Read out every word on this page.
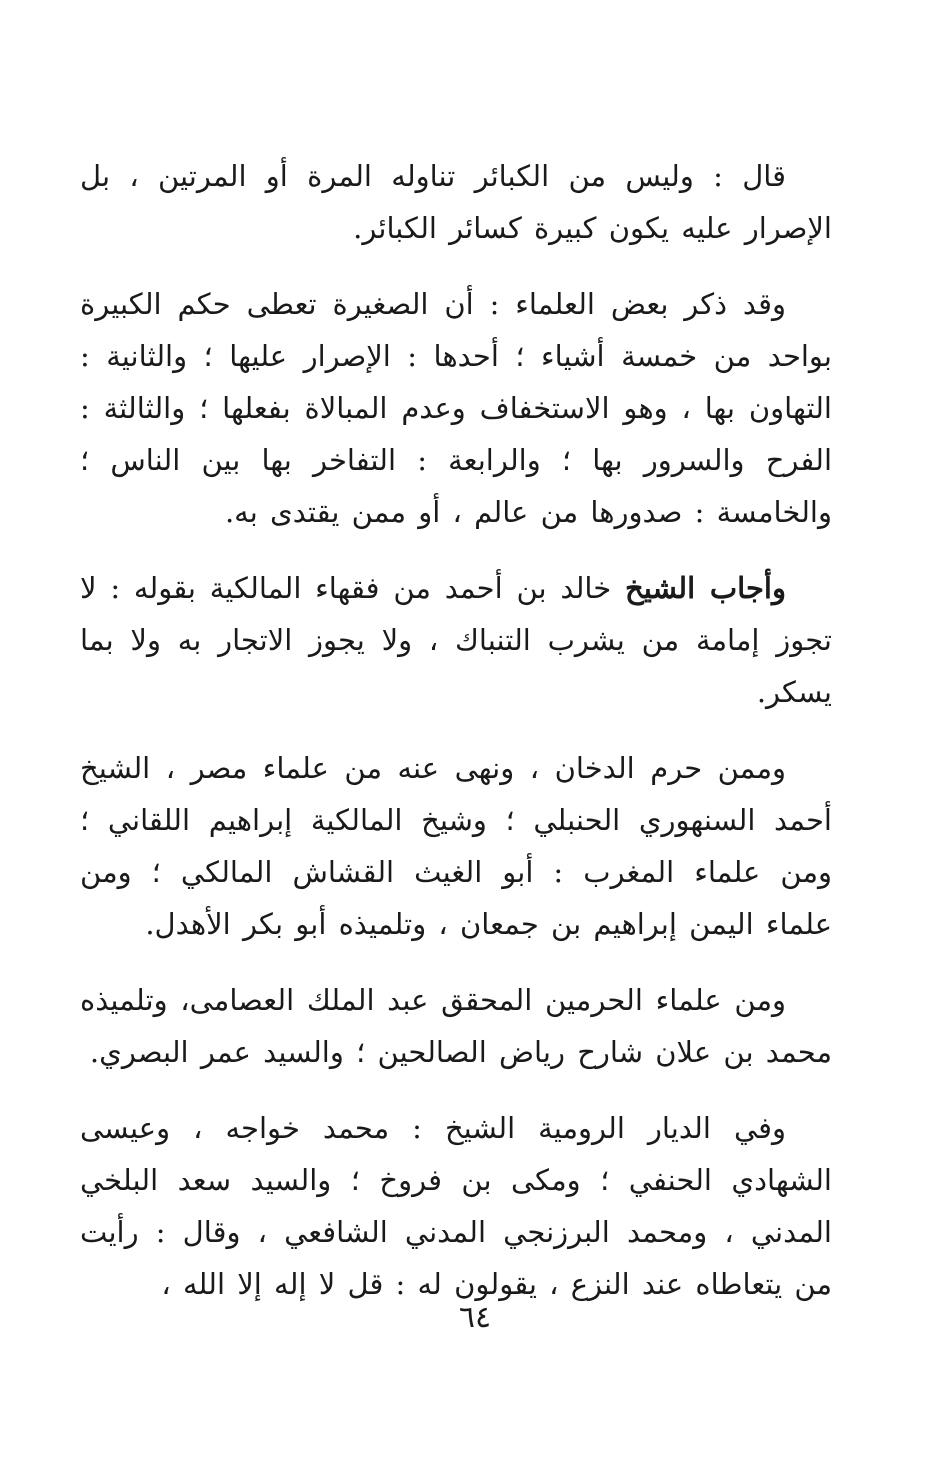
قال : وليس من الكبائر تناوله المرة أو المرتين ، بل الإصرار عليه يكون كبيرة كسائر الكبائر.

وقد ذكر بعض العلماء : أن الصغيرة تعطى حكم الكبيرة بواحد من خمسة أشياء ؛ أحدها : الإصرار عليها ؛ والثانية : التهاون بها ، وهو الاستخفاف وعدم المبالاة بفعلها ؛ والثالثة : الفرح والسرور بها ؛ والرابعة : التفاخر بها بين الناس ؛ والخامسة : صدورها من عالم ، أو ممن يقتدى به.

وأجاب الشيخ خالد بن أحمد من فقهاء المالكية بقوله : لا تجوز إمامة من يشرب التنباك ، ولا يجوز الاتجار به ولا بما يسكر.

وممن حرم الدخان ، ونهى عنه من علماء مصر ، الشيخ أحمد السنهوري الحنبلي ؛ وشيخ المالكية إبراهيم اللقاني ؛ ومن علماء المغرب : أبو الغيث القشاش المالكي ؛ ومن علماء اليمن إبراهيم بن جمعان ، وتلميذه أبو بكر الأهدل.

ومن علماء الحرمين المحقق عبد الملك العصامى، وتلميذه محمد بن علان شارح رياض الصالحين ؛ والسيد عمر البصري.

وفي الديار الرومية الشيخ : محمد خواجه ، وعيسى الشهادي الحنفي ؛ ومكى بن فروخ ؛ والسيد سعد البلخي المدني ، ومحمد البرزنجي المدني الشافعي ، وقال : رأيت من يتعاطاه عند النزع ، يقولون له : قل لا إله إلا الله ،

٦٤
